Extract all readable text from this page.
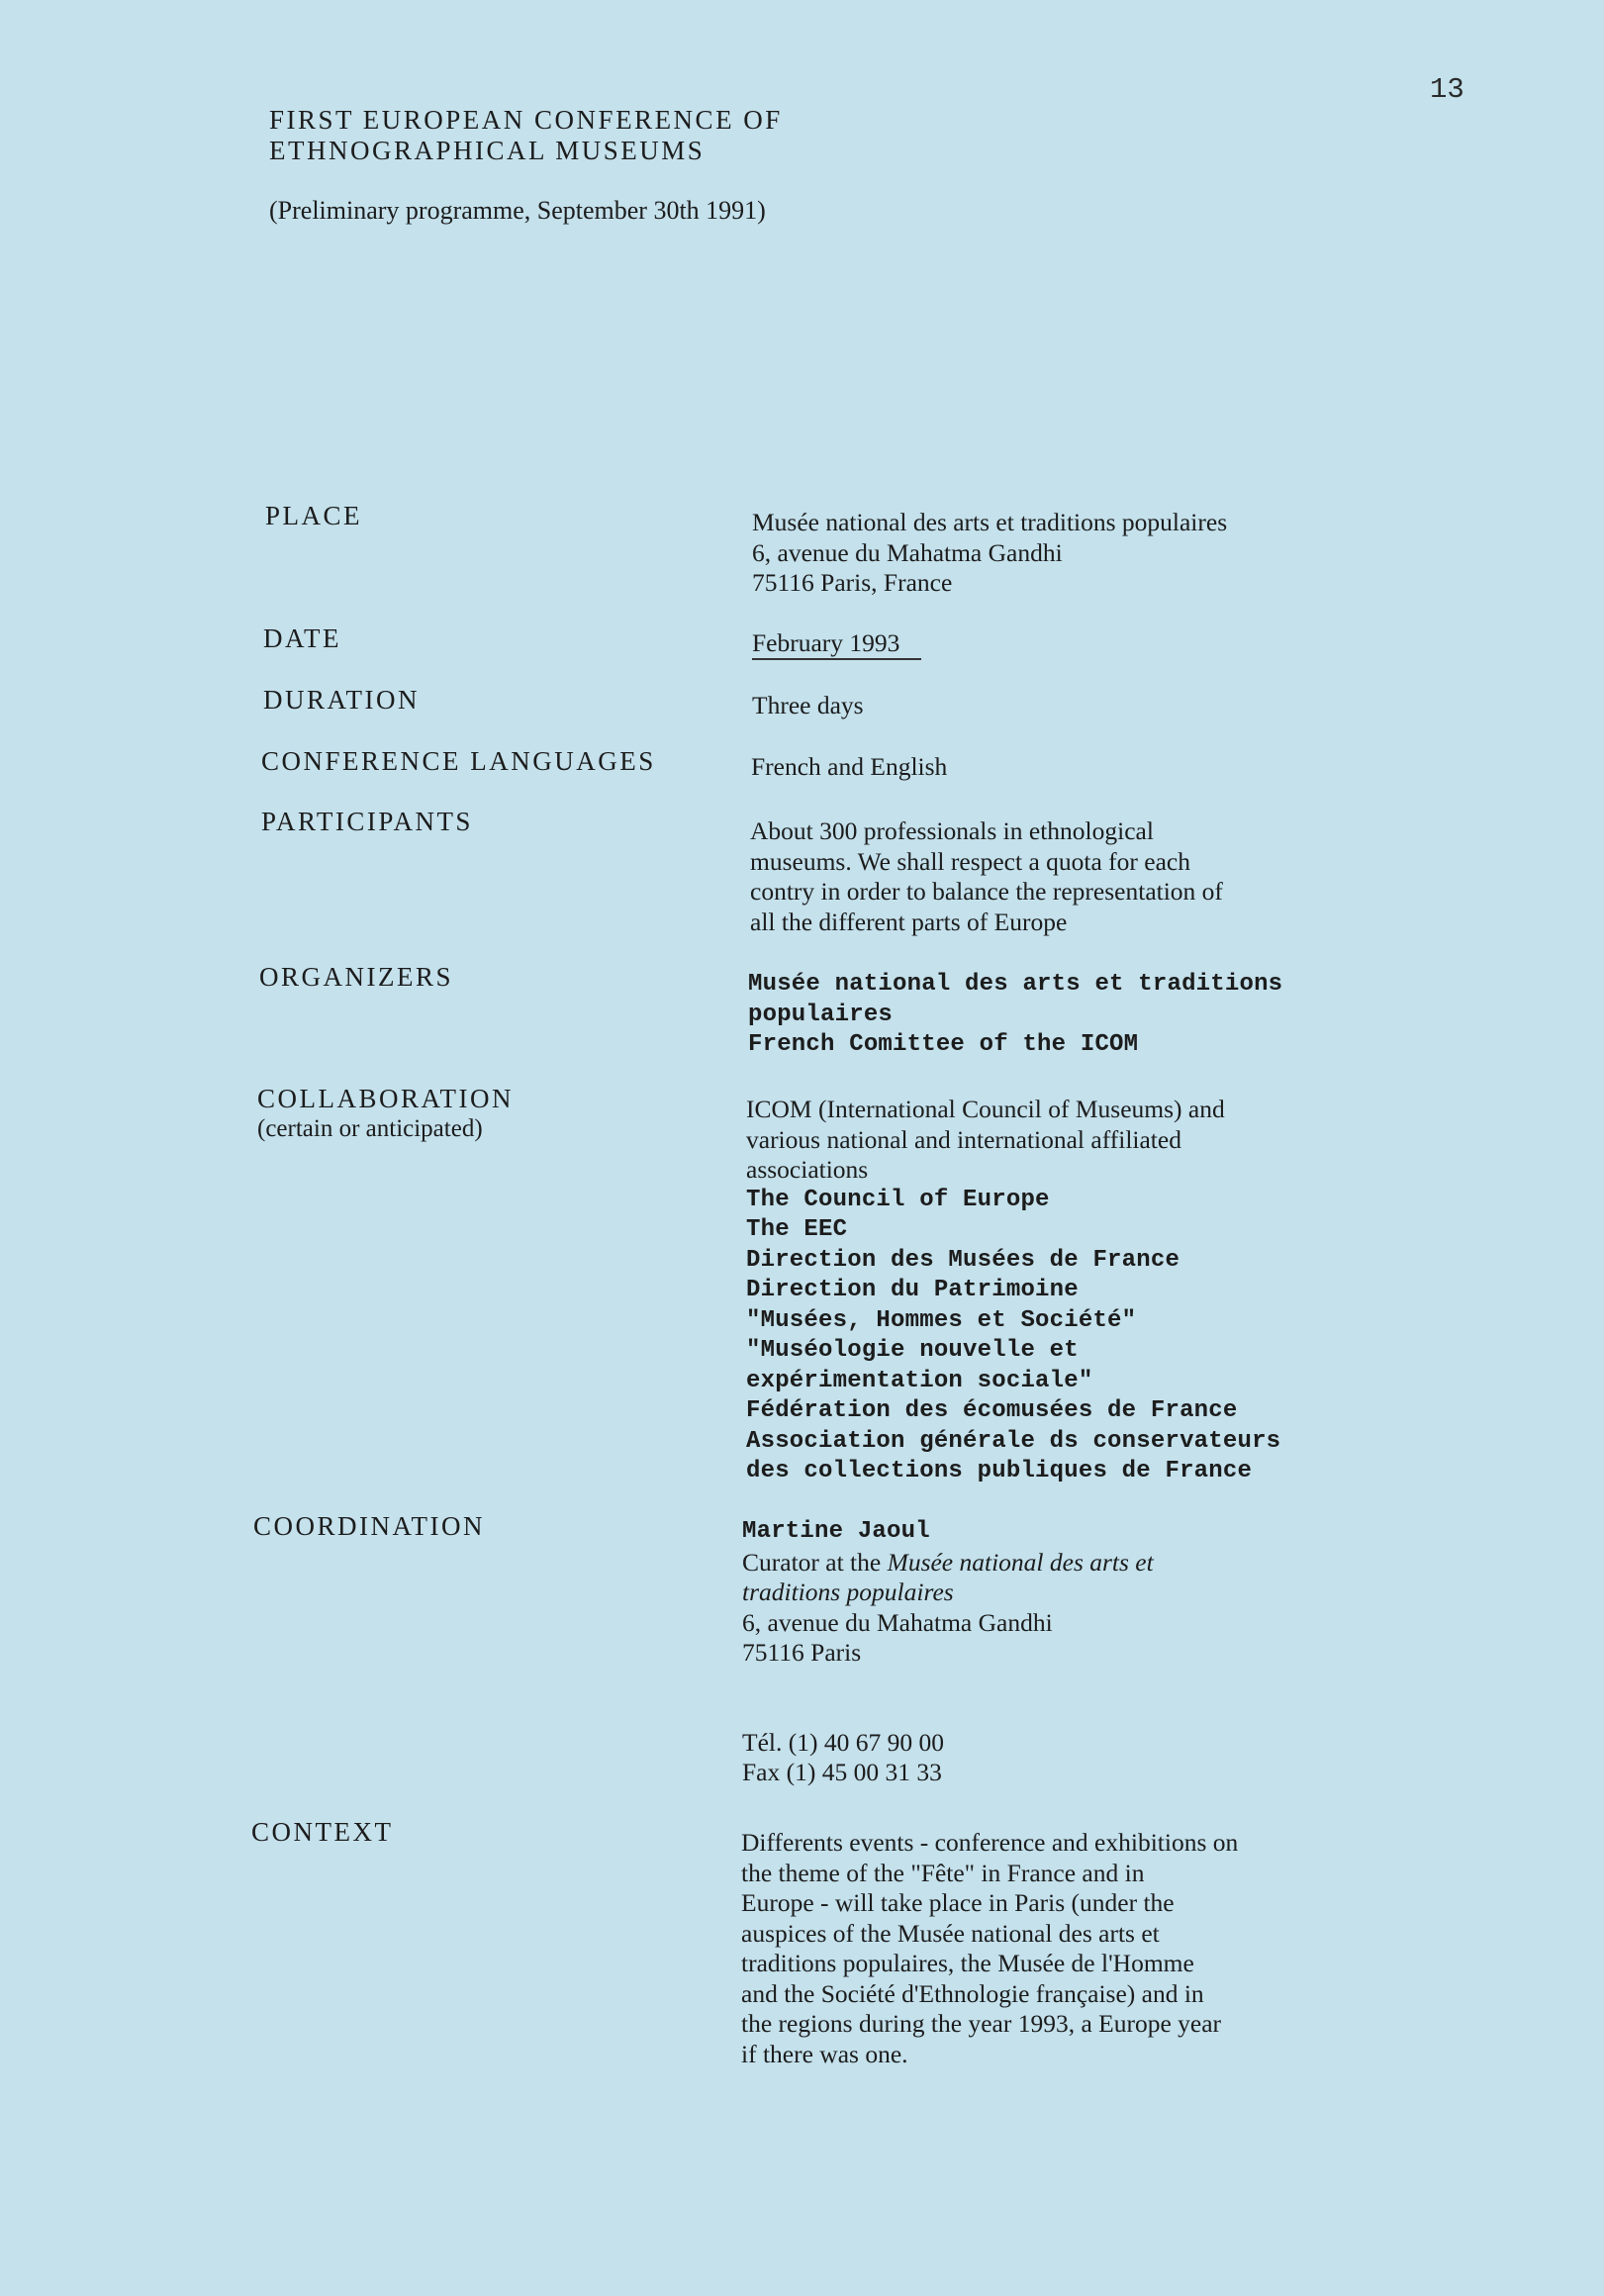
13
FIRST EUROPEAN CONFERENCE OF
ETHNOGRAPHICAL MUSEUMS
(Preliminary programme, September 30th 1991)
PLACE	Musée national des arts et traditions populaires
6, avenue du Mahatma Gandhi
75116 Paris, France
DATE	February 1993
DURATION	Three days
CONFERENCE LANGUAGES	French and English
PARTICIPANTS	About 300 professionals in ethnological
museums. We shall respect a quota for each
contry in order to balance the representation of
all the different parts of Europe
ORGANIZERS	Musée national des arts et traditions
populaires
French Comittee of the ICOM
COLLABORATION
(certain or anticipated)
ICOM (International Council of Museums) and
various national and international affiliated
associations
The Council of Europe
The EEC
Direction des Musées de France
Direction du Patrimoine
"Musées, Hommes et Société"
"Muséologie nouvelle et
expérimentation sociale"
Fédération des écomusées de France
Association générale ds conservateurs
des collections publiques de France
COORDINATION	Martine Jaoul
Curator at the Musée national des arts et
traditions populaires
6, avenue du Mahatma Gandhi
75116 Paris
Tél. (1) 40 67 90 00
Fax (1) 45 00 31 33
CONTEXT	Differents events - conference and exhibitions on
the theme of the "Fête" in France and in
Europe - will take place in Paris (under the
auspices of the Musée national des arts et
traditions populaires, the Musée de l'Homme
and the Société d'Ethnologie française) and in
the regions during the year 1993, a Europe year
if there was one.
